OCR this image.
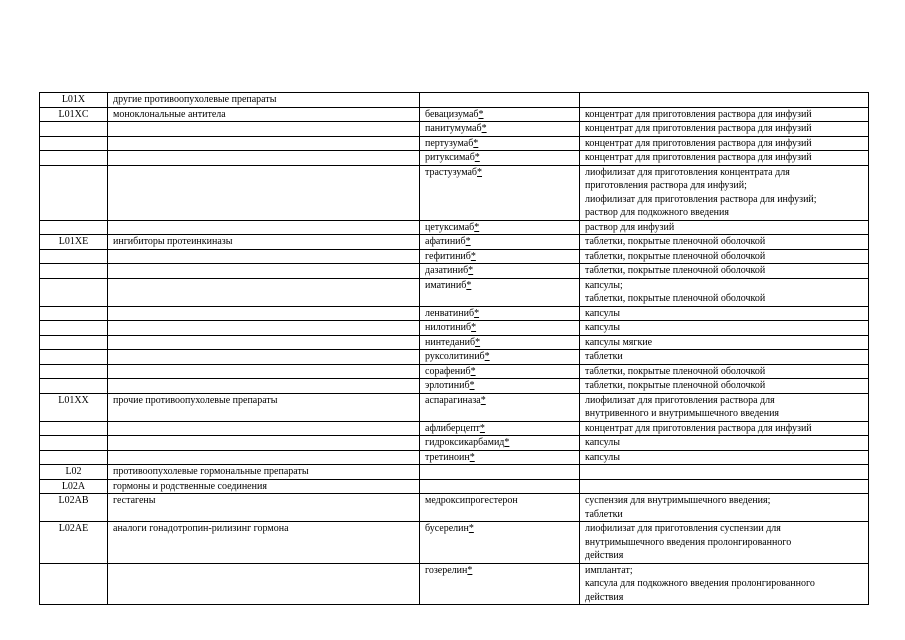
L01X	другие противоопухолевые препараты		
L01XC	моноклональные антитела	бевацизумаб*	концентрат для приготовления раствора для инфузий

		панитумумаб*	концентрат для приготовления раствора для инфузий

		пертузумаб*	концентрат для приготовления раствора для инфузий

		ритуксимаб*	концентрат для приготовления раствора для инфузий

		трастузумаб*	лиофилизат для приготовления концентрата для
приготовления раствора для инфузий;
лиофилизат для приготовления раствора для инфузий;
раствор для подкожного введения

		цетуксимаб*	раствор для инфузий

L01XE	ингибиторы протеинкиназы	афатиниб*	таблетки, покрытые пленочной оболочкой

		гефитиниб*	таблетки, покрытые пленочной оболочкой

		дазатиниб*	таблетки, покрытые пленочной оболочкой

		иматиниб*	капсулы;
таблетки, покрытые пленочной оболочкой

		ленватиниб*	капсулы

		нилотиниб*	капсулы

		нинтеданиб*	капсулы мягкие

		руксолитиниб*	таблетки

		сорафениб*	таблетки, покрытые пленочной оболочкой

		эрлотиниб*	таблетки, покрытые пленочной оболочкой

L01XX	прочие противоопухолевые препараты	аспарагиназа*	лиофилизат для приготовления раствора для
внутривенного и внутримышечного введения

		афлиберцепт*	концентрат для приготовления раствора для инфузий

		гидроксикарбамид*	капсулы

		третиноин*	капсулы

L02	противоопухолевые гормональные препараты		
L02A	гормоны и родственные соединения		
L02AB	гестагены	медроксипрогестерон	суспензия для внутримышечного введения;
таблетки

L02AE	аналоги гонадотропин-рилизинг гормона	бусерелин*	лиофилизат для приготовления суспензии для
внутримышечного введения пролонгированного
действия

		гозерелин*	имплантат;
капсула для подкожного введения пролонгированного
действия
